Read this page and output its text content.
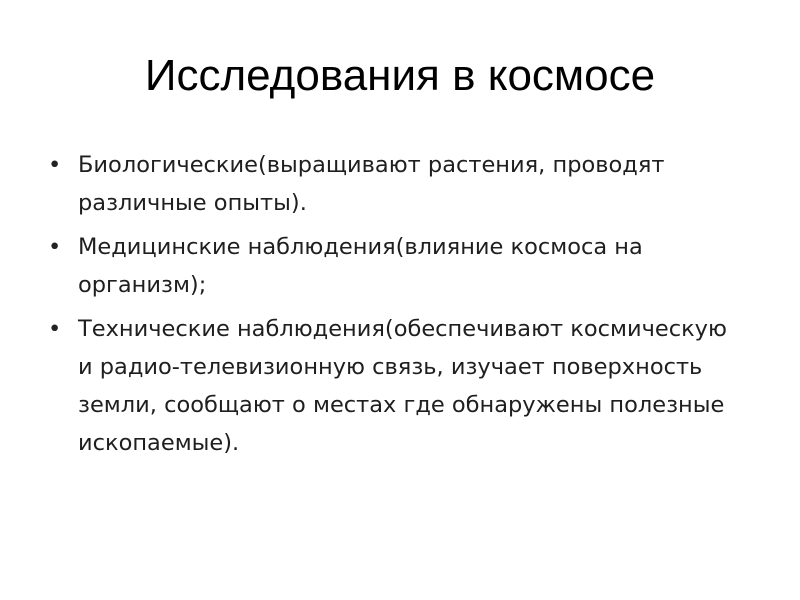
Исследования в космосе
• Биологические(выращивают растения, проводят различные опыты).
• Медицинские наблюдения(влияние космоса на организм);
• Технические наблюдения(обеспечивают космическую и радио-телевизионную связь, изучает поверхность земли, сообщают о местах где обнаружены полезные ископаемые).
